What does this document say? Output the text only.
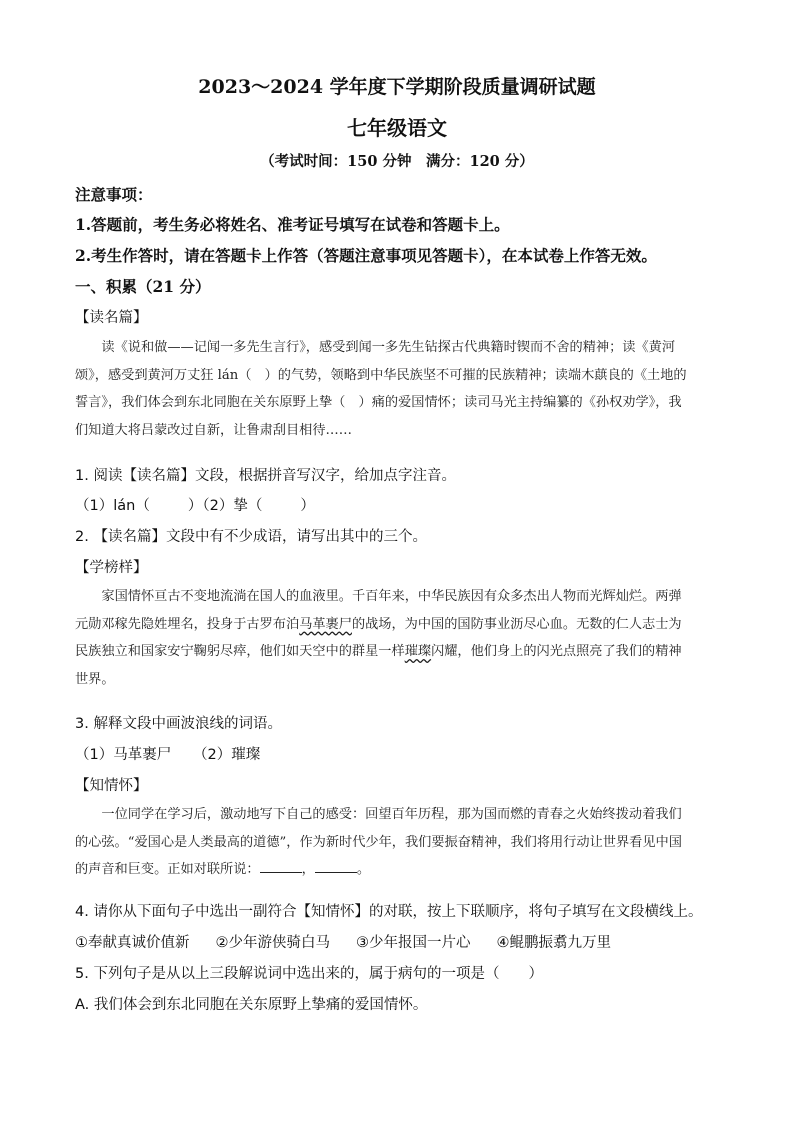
2023～2024 学年度下学期阶段质量调研试题
七年级语文
（考试时间：150 分钟　满分：120 分）
注意事项：
1.答题前，考生务必将姓名、准考证号填写在试卷和答题卡上。
2.考生作答时，请在答题卡上作答（答题注意事项见答题卡），在本试卷上作答无效。
一、积累（21 分）
【读名篇】
读《说和做——记闻一多先生言行》，感受到闻一多先生钻探古代典籍时锲而不舍的精神；读《黄河
颂》，感受到黄河万丈狂 lán（　）的气势，领略到中华民族坚不可摧的民族精神；读端木蕻良的《土地的
誓言》，我们体会到东北同胞在关东原野上挚（　）痛的爱国情怀；读司马光主持编纂的《孙权劝学》，我
们知道大将吕蒙改过自新，让鲁肃刮目相待……
1. 阅读【读名篇】文段，根据拼音写汉字，给加点字注音。
（1）lán（	）（2）挚（	）
2. 【读名篇】文段中有不少成语，请写出其中的三个。
【学榜样】
家国情怀亘古不变地流淌在国人的血液里。千百年来，中华民族因有众多杰出人物而光辉灿烂。两弹
元勋邓稼先隐姓埋名，投身于古罗布泊马革裹尸的战场，为中国的国防事业沥尽心血。无数的仁人志士为
民族独立和国家安宁鞠躬尽瘁，他们如天空中的群星一样璀璨闪耀，他们身上的闪光点照亮了我们的精神
世界。
3. 解释文段中画波浪线的词语。
（1）马革裹尸　　（2）璀璨
【知情怀】
一位同学在学习后，激动地写下自己的感受：回望百年历程，那为国而燃的青春之火始终拨动着我们
的心弦。“爱国心是人类最高的道德”，作为新时代少年，我们要振奋精神，我们将用行动让世界看见中国
的声音和巨变。正如对联所说：	，	。
4. 请你从下面句子中选出一副符合【知情怀】的对联，按上下联顺序，将句子填写在文段横线上。
①奉献真诚价值新 ②少年游侠骑白马 ③少年报国一片心 ④鲲鹏振翥九万里
5. 下列句子是从以上三段解说词中选出来的，属于病句的一项是（　　）
A. 我们体会到东北同胞在关东原野上挚痛的爱国情怀。
